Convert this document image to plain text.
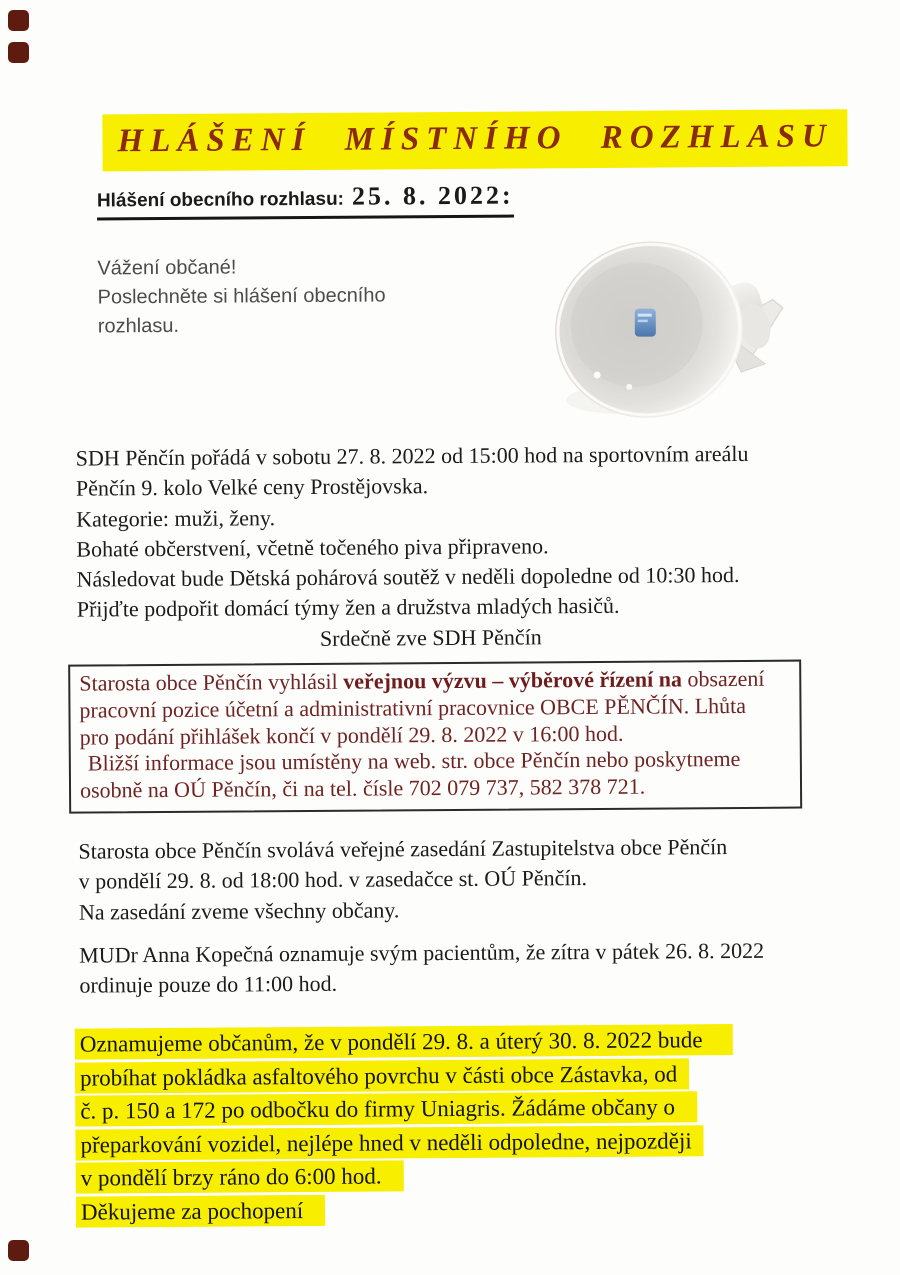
HLÁŠENÍ MÍSTNÍHO ROZHLASU
Hlášení obecního rozhlasu: 25. 8. 2022:
Vážení občané!
Poslechněte si hlášení obecního
rozhlasu.
SDH Pěnčín pořádá v sobotu 27. 8. 2022 od 15:00 hod na sportovním areálu
Pěnčín 9. kolo Velké ceny Prostějovska.
Kategorie: muži, ženy.
Bohaté občerstvení, včetně točeného piva připraveno.
Následovat bude Dětská pohárová soutěž v neděli dopoledne od 10:30 hod.
Přijďte podpořit domácí týmy žen a družstva mladých hasičů.
Srdečně zve SDH Pěnčín
Starosta obce Pěnčín vyhlásil veřejnou výzvu – výběrové řízení na obsazení
pracovní pozice účetní a administrativní pracovnice OBCE PĚNČÍN. Lhůta
pro podání přihlášek končí v pondělí 29. 8. 2022 v 16:00 hod.
Bližší informace jsou umístěny na web. str. obce Pěnčín nebo poskytneme
osobně na OÚ Pěnčín, či na tel. čísle 702 079 737, 582 378 721.
Starosta obce Pěnčín svolává veřejné zasedání Zastupitelstva obce Pěnčín
v pondělí 29. 8. od 18:00 hod. v zasedačce st. OÚ Pěnčín.
Na zasedání zveme všechny občany.
MUDr Anna Kopečná oznamuje svým pacientům, že zítra v pátek 26. 8. 2022
ordinuje pouze do 11:00 hod.
Oznamujeme občanům, že v pondělí 29. 8. a úterý 30. 8. 2022 bude
probíhat pokládka asfaltového povrchu v části obce Zástavka, od
č. p. 150 a 172 po odbočku do firmy Uniagris. Žádáme občany o
přeparkování vozidel, nejlépe hned v neděli odpoledne, nejpozději
v pondělí brzy ráno do 6:00 hod.
Děkujeme za pochopení
